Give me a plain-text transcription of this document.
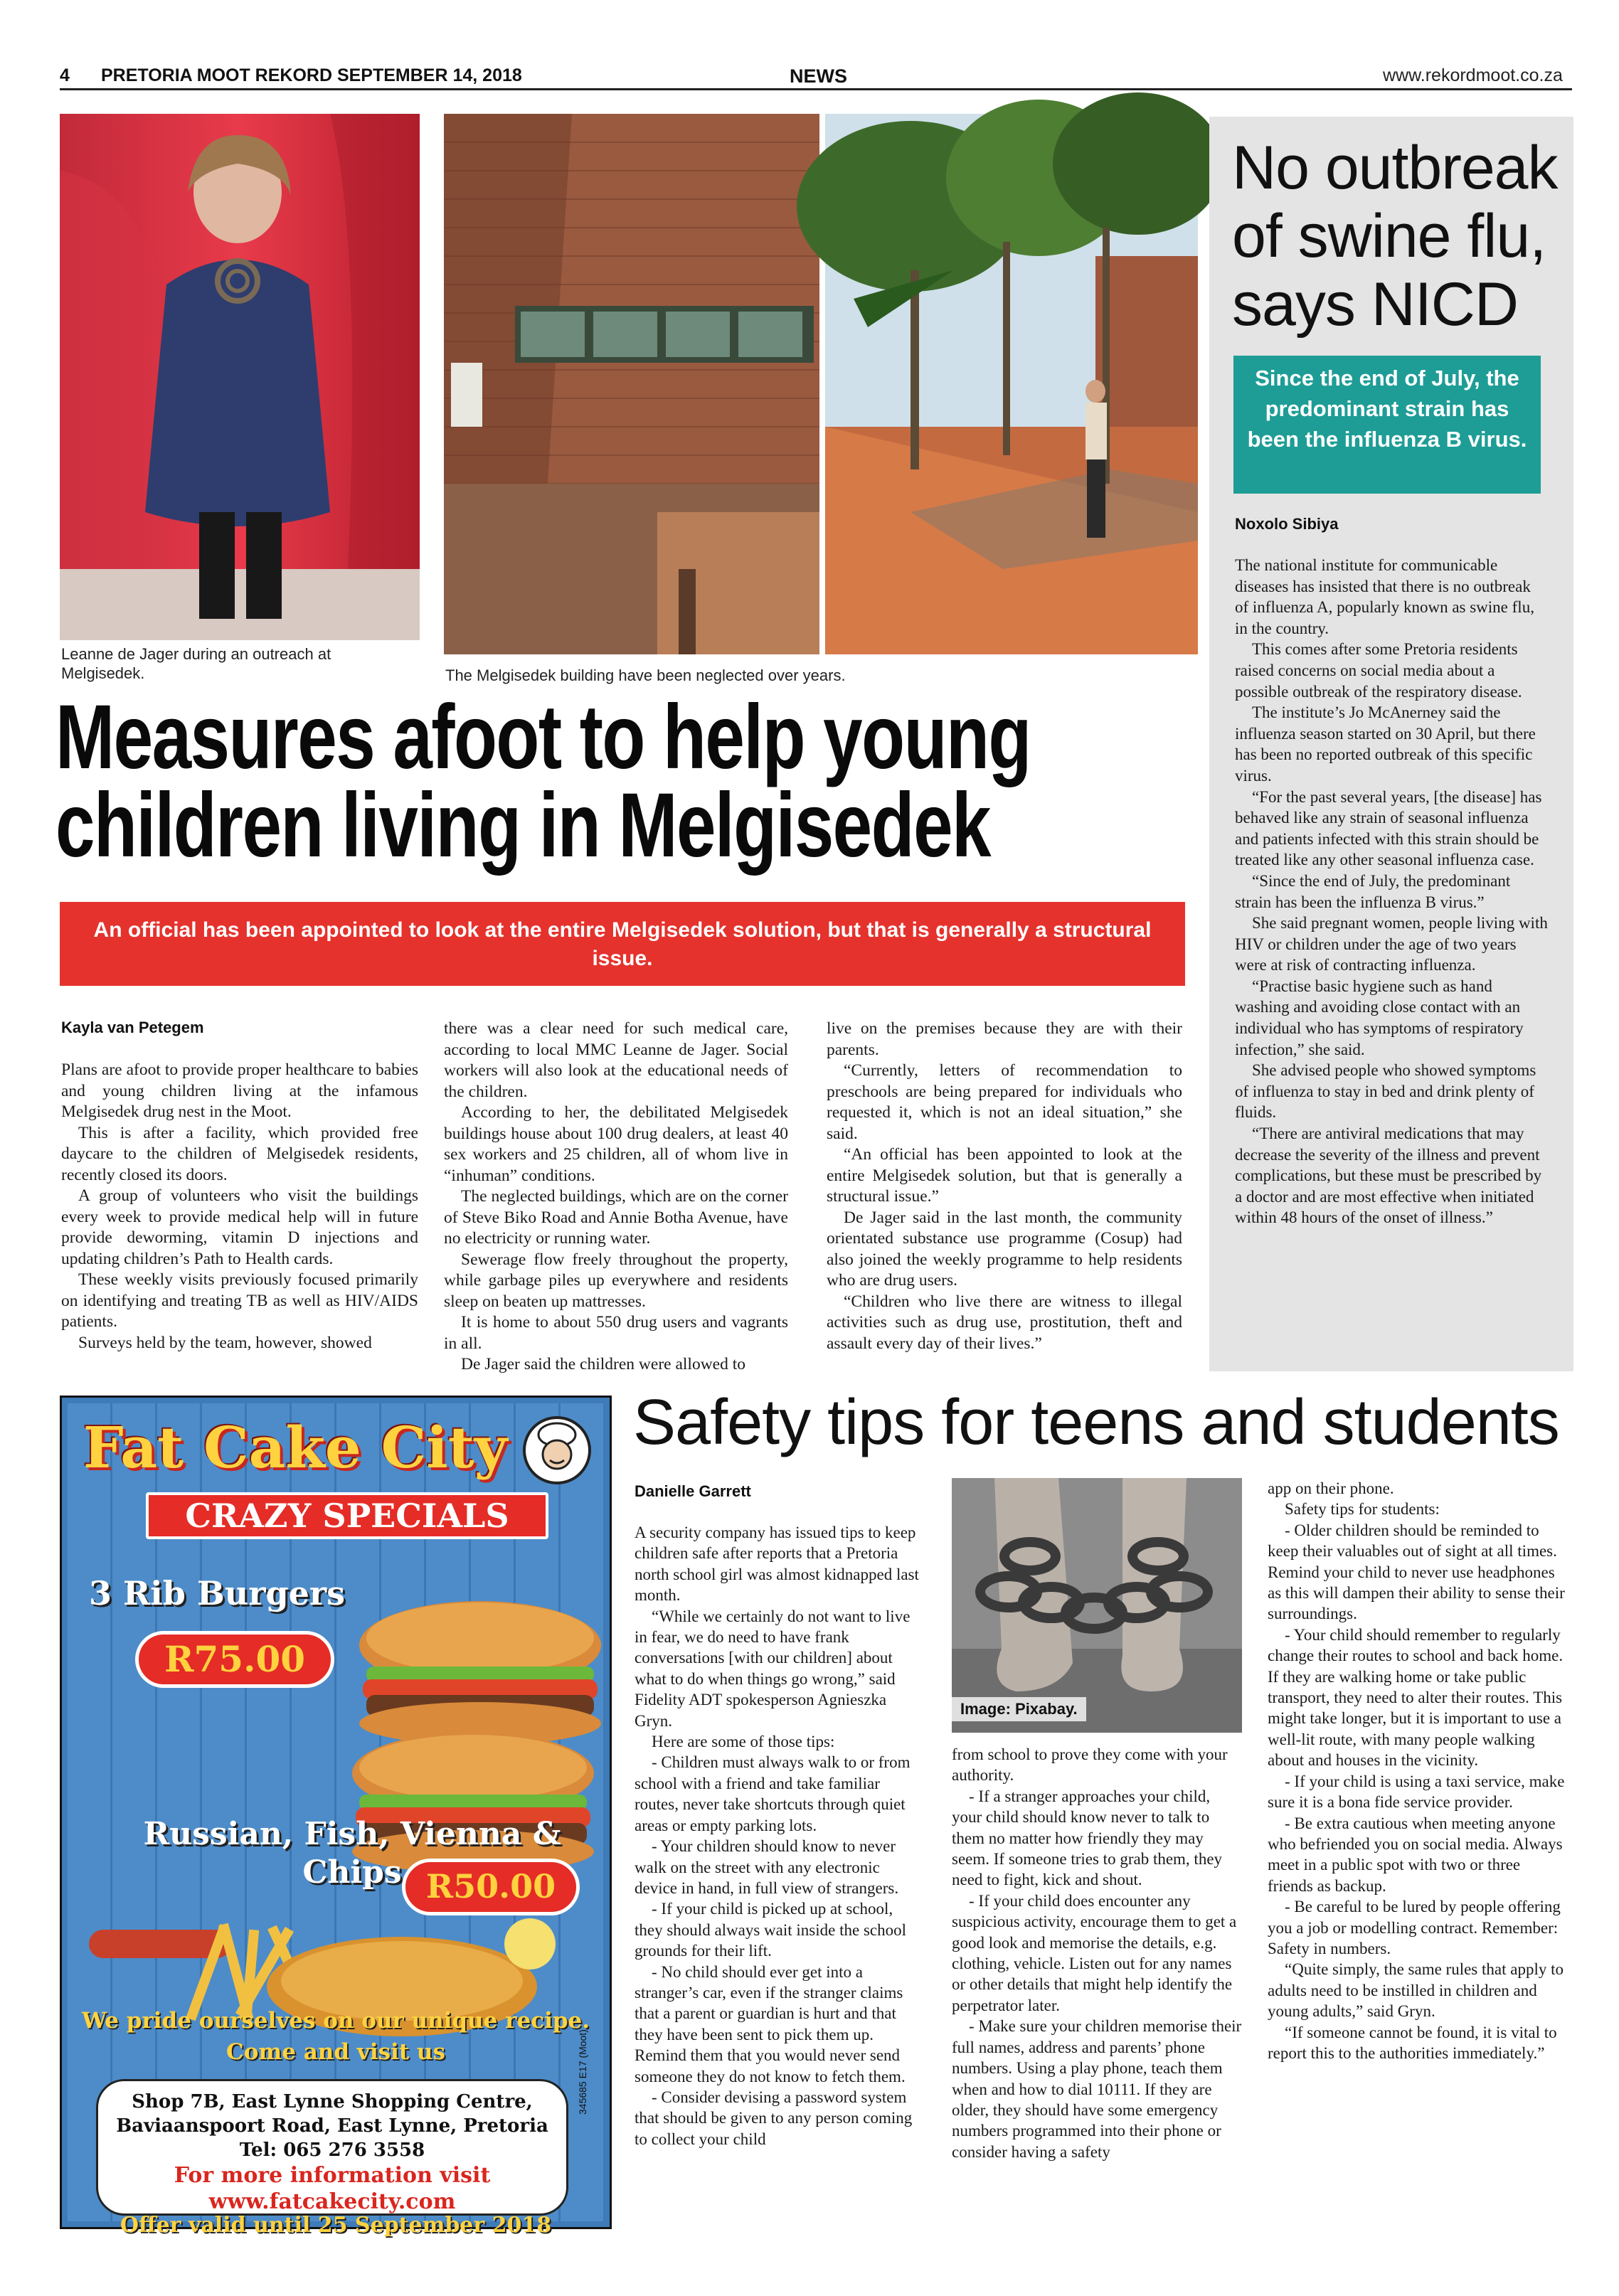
4 PRETORIA MOOT REKORD SEPTEMBER 14, 2018	NEWS	www.rekordmoot.co.za
Leanne de Jager during an outreach at Melgisedek.	The Melgisedek building have been neglected over years.
Measures afoot to help young
children living in Melgisedek
An official has been appointed to look at the entire Melgisedek solution, but that is generally a structural issue.
Kayla van Petegem

Plans are afoot to provide proper healthcare to babies and young children living at the infamous Melgisedek drug nest in the Moot.

This is after a facility, which provided free daycare to the children of Melgisedek residents, recently closed its doors.

A group of volunteers who visit the buildings every week to provide medical help will in future provide deworming, vitamin D injections and updating children’s Path to Health cards.

These weekly visits previously focused primarily on identifying and treating TB as well as HIV/AIDS patients.

Surveys held by the team, however, showed

there was a clear need for such medical care, according to local MMC Leanne de Jager. Social workers will also look at the educational needs of the children.

According to her, the debilitated Melgisedek buildings house about 100 drug dealers, at least 40 sex workers and 25 children, all of whom live in “inhuman” conditions.

The neglected buildings, which are on the corner of Steve Biko Road and Annie Botha Avenue, have no electricity or running water.

Sewerage flow freely throughout the property, while garbage piles up everywhere and residents sleep on beaten up mattresses.

It is home to about 550 drug users and vagrants in all.

De Jager said the children were allowed to

live on the premises because they are with their parents.

“Currently, letters of recommendation to preschools are being prepared for individuals who requested it, which is not an ideal situation,” she said.

“An official has been appointed to look at the entire Melgisedek solution, but that is generally a structural issue.”

De Jager said in the last month, the community orientated substance use programme (Cosup) had also joined the weekly programme to help residents who are drug users.

“Children who live there are witness to illegal activities such as drug use, prostitution, theft and assault every day of their lives.”

No outbreak of swine flu, says NICD
Since the end of July, the predominant strain has been the influenza B virus.
Noxolo Sibiya

The national institute for communicable diseases has insisted that there is no outbreak of influenza A, popularly known as swine flu, in the country.

This comes after some Pretoria residents raised concerns on social media about a possible outbreak of the respiratory disease.

The institute’s Jo McAnerney said the influenza season started on 30 April, but there has been no reported outbreak of this specific virus.

“For the past several years, [the disease] has behaved like any strain of seasonal influenza and patients infected with this strain should be treated like any other seasonal influenza case.

“Since the end of July, the predominant strain has been the influenza B virus.”

She said pregnant women, people living with HIV or children under the age of two years were at risk of contracting influenza.

“Practise basic hygiene such as hand washing and avoiding close contact with an individual who has symptoms of respiratory infection,” she said.

She advised people who showed symptoms of influenza to stay in bed and drink plenty of fluids.

“There are antiviral medications that may decrease the severity of the illness and prevent complications, but these must be prescribed by a doctor and are most effective when initiated within 48 hours of the onset of illness.”

Fat Cake City
CRAZY SPECIALS
3 Rib Burgers
R75.00
Russian, Fish, Vienna &
Chips R50.00
We pride ourselves on our unique recipe.
Come and visit us
Shop 7B, East Lynne Shopping Centre,
Baviaanspoort Road, East Lynne, Pretoria
Tel: 065 276 3558
For more information visit
www.fatcakecity.com
Offer valid until 25 September 2018
345685 E17 (Moot)
Safety tips for teens and students
Danielle Garrett

A security company has issued tips to keep children safe after reports that a Pretoria north school girl was almost kidnapped last month.

“While we certainly do not want to live in fear, we do need to have frank conversations [with our children] about what to do when things go wrong,” said Fidelity ADT spokesperson Agnieszka Gryn.

Here are some of those tips:

- Children must always walk to or from school with a friend and take familiar routes, never take shortcuts through quiet areas or empty parking lots.

- Your children should know to never walk on the street with any electronic device in hand, in full view of strangers.

- If your child is picked up at school, they should always wait inside the school grounds for their lift.

- No child should ever get into a stranger’s car, even if the stranger claims that a parent or guardian is hurt and that they have been sent to pick them up. Remind them that you would never send someone they do not know to fetch them.

- Consider devising a password system that should be given to any person coming to collect your child

Image: Pixabay.

from school to prove they come with your authority.

- If a stranger approaches your child, your child should know never to talk to them no matter how friendly they may seem. If someone tries to grab them, they need to fight, kick and shout.

- If your child does encounter any suspicious activity, encourage them to get a good look and memorise the details, e.g. clothing, vehicle. Listen out for any names or other details that might help identify the perpetrator later.

- Make sure your children memorise their full names, address and parents’ phone numbers. Using a play phone, teach them when and how to dial 10111. If they are older, they should have some emergency numbers programmed into their phone or consider having a safety

app on their phone.

Safety tips for students:

- Older children should be reminded to keep their valuables out of sight at all times. Remind your child to never use headphones as this will dampen their ability to sense their surroundings.

- Your child should remember to regularly change their routes to school and back home. If they are walking home or take public transport, they need to alter their routes. This might take longer, but it is important to use a well-lit route, with many people walking about and houses in the vicinity.

- If your child is using a taxi service, make sure it is a bona fide service provider.

- Be extra cautious when meeting anyone who befriended you on social media. Always meet in a public spot with two or three friends as backup.

- Be careful to be lured by people offering you a job or modelling contract. Remember: Safety in numbers.

“Quite simply, the same rules that apply to adults need to be instilled in children and young adults,” said Gryn.

“If someone cannot be found, it is vital to report this to the authorities immediately.”
